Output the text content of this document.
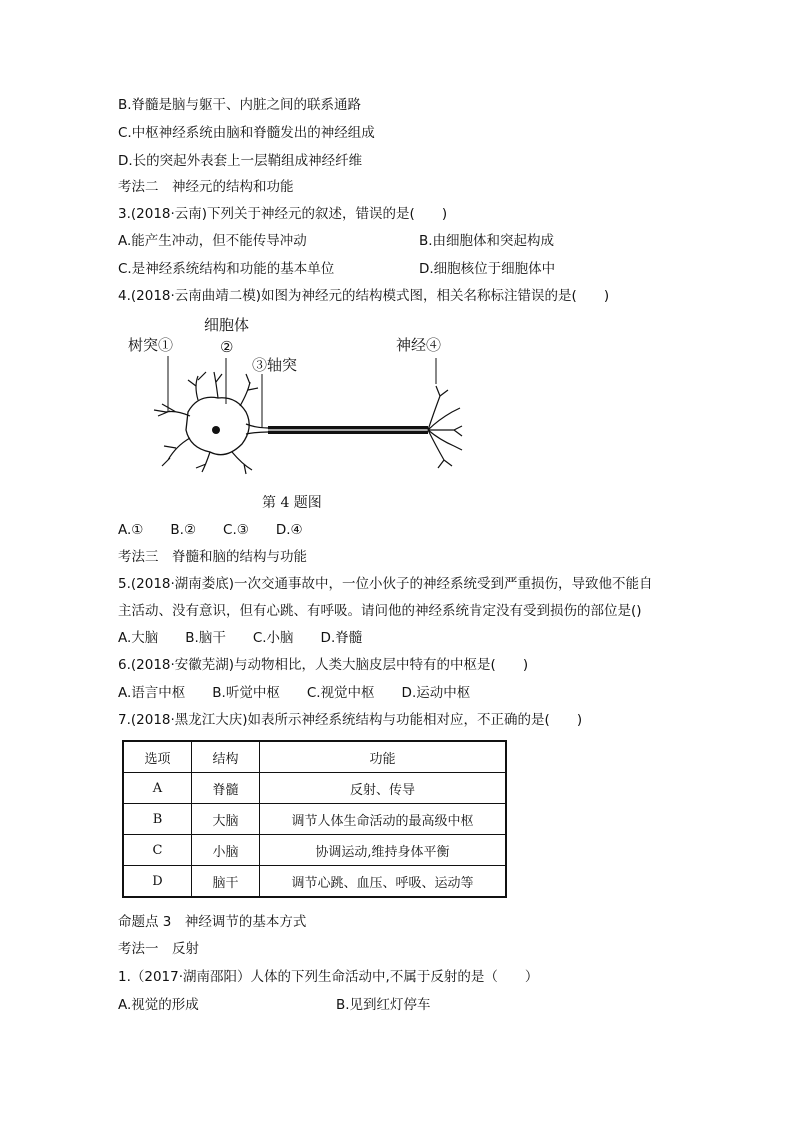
B.脊髓是脑与躯干、内脏之间的联系通路
C.中枢神经系统由脑和脊髓发出的神经组成
D.长的突起外表套上一层鞘组成神经纤维
考法二　神经元的结构和功能
3.(2018·云南)下列关于神经元的叙述，错误的是(　　)
A.能产生冲动，但不能传导冲动	B.由细胞体和突起构成
C.是神经系统结构和功能的基本单位	D.细胞核位于细胞体中
4.(2018·云南曲靖二模)如图为神经元的结构模式图，相关名称标注错误的是(　　)
树突①
细胞体
②
③轴突
神经④
第 4 题图
A.①　　B.②　　C.③　　D.④
考法三　脊髓和脑的结构与功能
5.(2018·湖南娄底)一次交通事故中，一位小伙子的神经系统受到严重损伤，导致他不能自
主活动、没有意识，但有心跳、有呼吸。请问他的神经系统肯定没有受到损伤的部位是()
A.大脑　　B.脑干　　C.小脑　　D.脊髓
6.(2018·安徽芜湖)与动物相比，人类大脑皮层中特有的中枢是(　　)
A.语言中枢　　B.听觉中枢　　C.视觉中枢　　D.运动中枢
7.(2018·黑龙江大庆)如表所示神经系统结构与功能相对应，不正确的是(　　)
选项	结构	功能
A	脊髓	反射、传导
B	大脑	调节人体生命活动的最高级中枢
C	小脑	协调运动,维持身体平衡
D	脑干	调节心跳、血压、呼吸、运动等
命题点 3　神经调节的基本方式
考法一　反射
1.（2017·湖南邵阳）人体的下列生命活动中,不属于反射的是（　　）
A.视觉的形成	B.见到红灯停车
